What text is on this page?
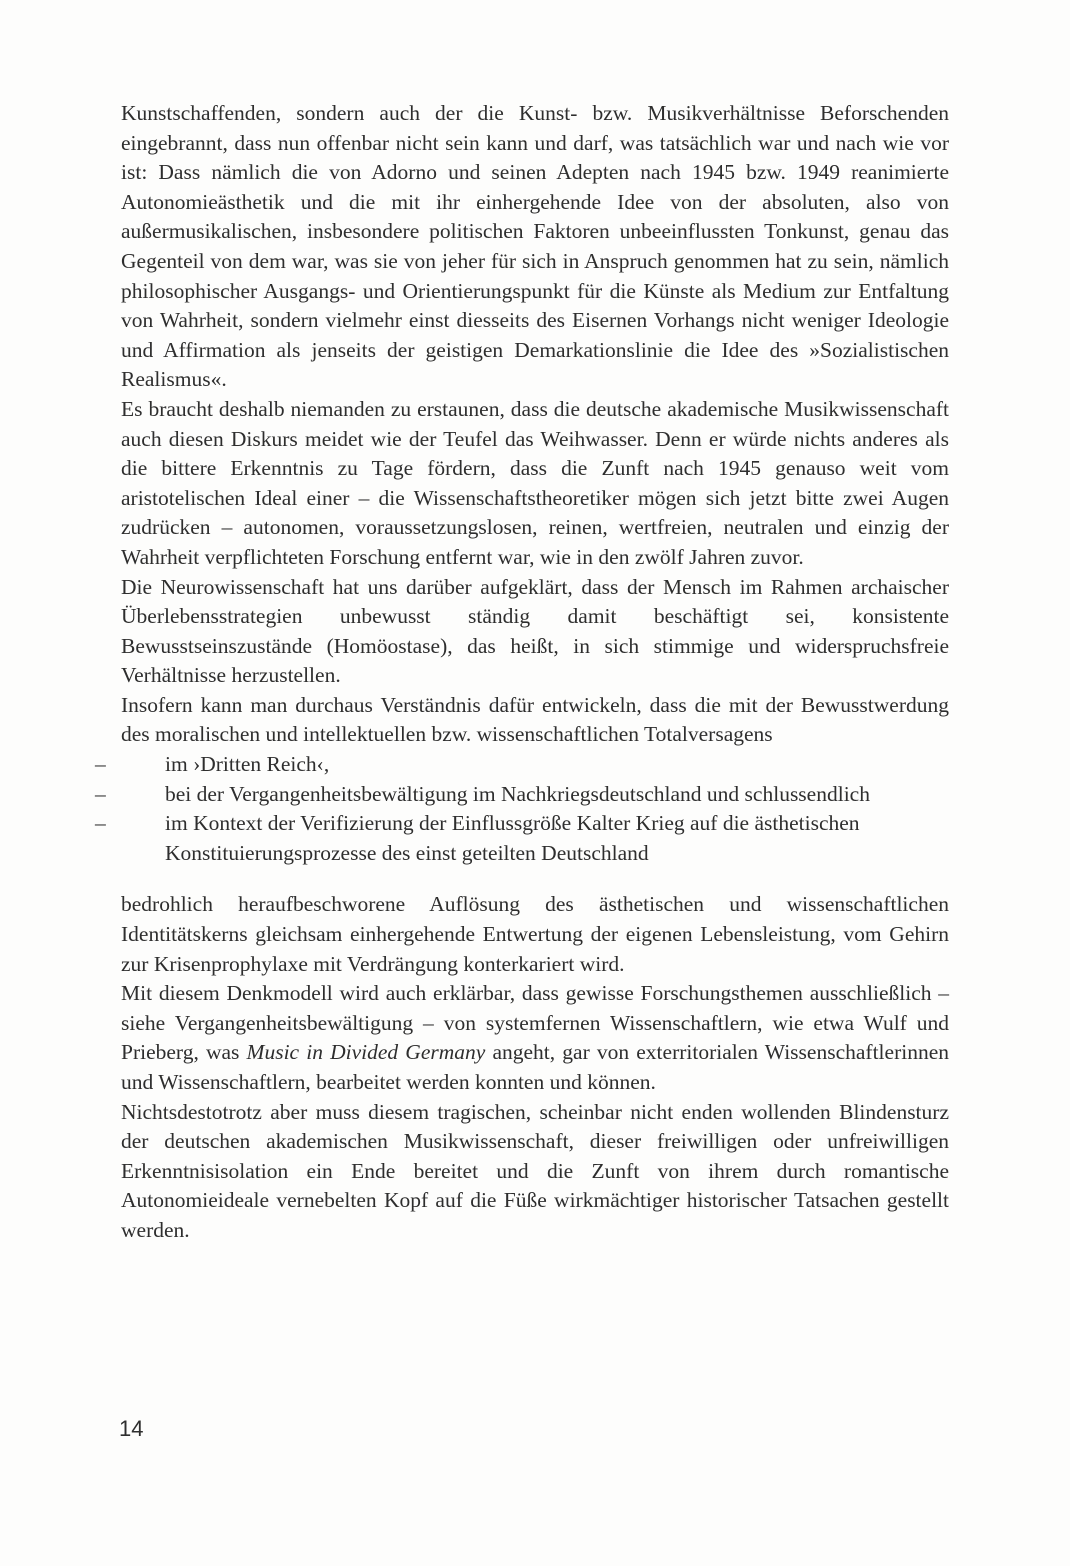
Kunstschaffenden, sondern auch der die Kunst- bzw. Musikverhältnisse Beforschenden eingebrannt, dass nun offenbar nicht sein kann und darf, was tatsächlich war und nach wie vor ist: Dass nämlich die von Adorno und seinen Adepten nach 1945 bzw. 1949 reanimierte Autonomieästhetik und die mit ihr einhergehende Idee von der absoluten, also von außermusikalischen, insbesondere politischen Faktoren unbeeinflussten Tonkunst, genau das Gegenteil von dem war, was sie von jeher für sich in Anspruch genommen hat zu sein, nämlich philosophischer Ausgangs- und Orientierungspunkt für die Künste als Medium zur Entfaltung von Wahrheit, sondern vielmehr einst diesseits des Eisernen Vorhangs nicht weniger Ideologie und Affirmation als jenseits der geistigen Demarkationslinie die Idee des »Sozialistischen Realismus«.

Es braucht deshalb niemanden zu erstaunen, dass die deutsche akademische Musikwissenschaft auch diesen Diskurs meidet wie der Teufel das Weihwasser. Denn er würde nichts anderes als die bittere Erkenntnis zu Tage fördern, dass die Zunft nach 1945 genauso weit vom aristotelischen Ideal einer – die Wissenschaftstheoretiker mögen sich jetzt bitte zwei Augen zudrücken – autonomen, voraussetzungslosen, reinen, wertfreien, neutralen und einzig der Wahrheit verpflichteten Forschung entfernt war, wie in den zwölf Jahren zuvor.

Die Neurowissenschaft hat uns darüber aufgeklärt, dass der Mensch im Rahmen archaischer Überlebensstrategien unbewusst ständig damit beschäftigt sei, konsistente Bewusstseinszustände (Homöostase), das heißt, in sich stimmige und widerspruchsfreie Verhältnisse herzustellen.

Insofern kann man durchaus Verständnis dafür entwickeln, dass die mit der Bewusstwerdung des moralischen und intellektuellen bzw. wissenschaftlichen Totalversagens

–	im ›Dritten Reich‹,
–	bei der Vergangenheitsbewältigung im Nachkriegsdeutschland und schlussendlich
–	im Kontext der Verifizierung der Einflussgröße Kalter Krieg auf die ästhetischen Konstituierungsprozesse des einst geteilten Deutschland

bedrohlich heraufbeschworene Auflösung des ästhetischen und wissenschaftlichen Identitätskerns gleichsam einhergehende Entwertung der eigenen Lebensleistung, vom Gehirn zur Krisenprophylaxe mit Verdrängung konterkariert wird.

Mit diesem Denkmodell wird auch erklärbar, dass gewisse Forschungsthemen ausschließlich – siehe Vergangenheitsbewältigung – von systemfernen Wissenschaftlern, wie etwa Wulf und Prieberg, was Music in Divided Germany angeht, gar von exterritorialen Wissenschaftlerinnen und Wissenschaftlern, bearbeitet werden konnten und können.

Nichtsdestotrotz aber muss diesem tragischen, scheinbar nicht enden wollenden Blindensturz der deutschen akademischen Musikwissenschaft, dieser freiwilligen oder unfreiwilligen Erkenntnisisolation ein Ende bereitet und die Zunft von ihrem durch romantische Autonomieideale vernebelten Kopf auf die Füße wirkmächtiger historischer Tatsachen gestellt werden.

14
